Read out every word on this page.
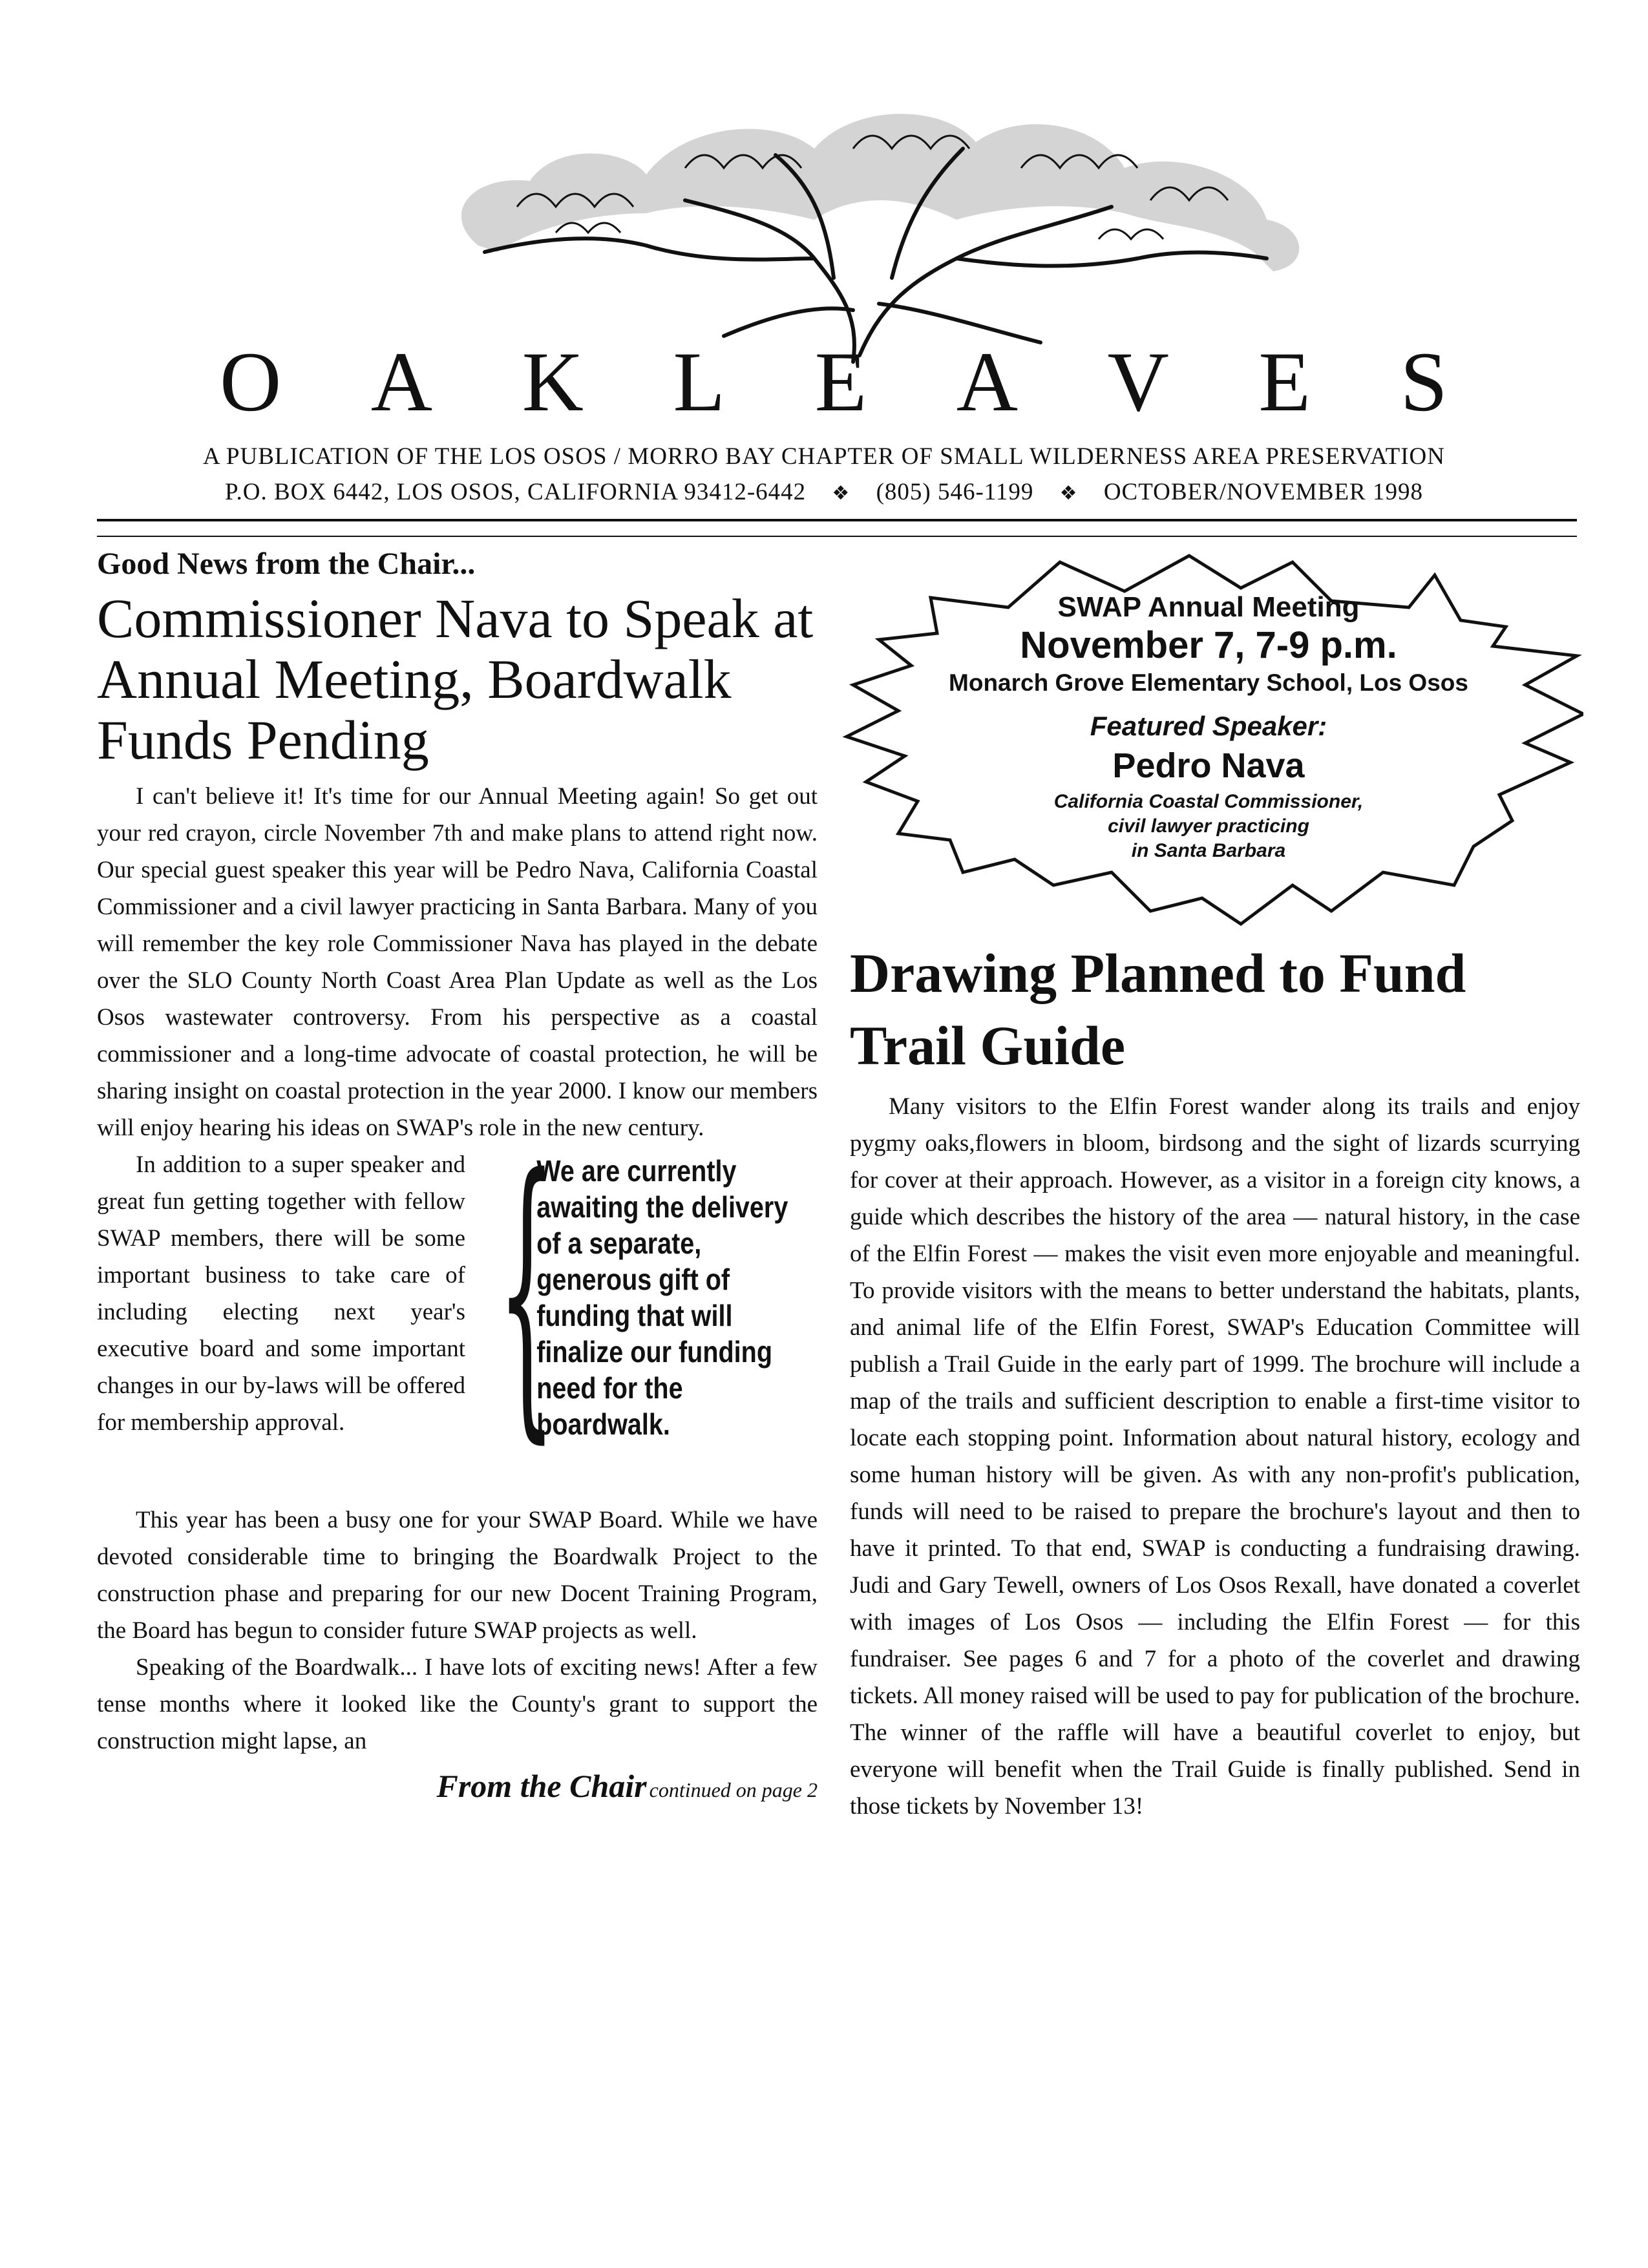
O A K L E A V E S
A PUBLICATION OF THE LOS OSOS / MORRO BAY CHAPTER OF SMALL WILDERNESS AREA PRESERVATION
P.O. BOX 6442, LOS OSOS, CALIFORNIA 93412-6442 ❖ (805) 546-1199 ❖ OCTOBER/NOVEMBER 1998
Good News from the Chair...
Commissioner Nava to Speak at Annual Meeting, Boardwalk Funds Pending

I can't believe it! It's time for our Annual Meeting again! So get out your red crayon, circle November 7th and make plans to attend right now. Our special guest speaker this year will be Pedro Nava, California Coastal Commissioner and a civil lawyer practicing in Santa Barbara. Many of you will remember the key role Commissioner Nava has played in the debate over the SLO County North Coast Area Plan Update as well as the Los Osos wastewater controversy. From his perspective as a coastal commissioner and a long-time advocate of coastal protection, he will be sharing insight on coastal protection in the year 2000. I know our members will enjoy hearing his ideas on SWAP's role in the new century.

In addition to a super speaker and great fun getting together with fellow SWAP members, there will be some important business to take care of including electing next year's executive board and some important changes in our by-laws will be offered for membership approval. {
We are currently awaiting the delivery of a separate, generous gift of funding that will finalize our funding need for the boardwalk.

This year has been a busy one for your SWAP Board. While we have devoted considerable time to bringing the Boardwalk Project to the construction phase and preparing for our new Docent Training Program, the Board has begun to consider future SWAP projects as well.

Speaking of the Boardwalk... I have lots of exciting news! After a few tense months where it looked like the County's grant to support the construction might lapse, an

From the Chair continued on page 2
SWAP Annual Meeting
November 7, 7-9 p.m.
Monarch Grove Elementary School, Los Osos
Featured Speaker:
Pedro Nava
California Coastal Commissioner,
civil lawyer practicing
in Santa Barbara
Drawing Planned to Fund Trail Guide

Many visitors to the Elfin Forest wander along its trails and enjoy pygmy oaks,flowers in bloom, birdsong and the sight of lizards scurrying for cover at their approach. However, as a visitor in a foreign city knows, a guide which describes the history of the area — natural history, in the case of the Elfin Forest — makes the visit even more enjoyable and meaningful. To provide visitors with the means to better understand the habitats, plants, and animal life of the Elfin Forest, SWAP's Education Committee will publish a Trail Guide in the early part of 1999. The brochure will include a map of the trails and sufficient description to enable a first-time visitor to locate each stopping point. Information about natural history, ecology and some human history will be given. As with any non-profit's publication, funds will need to be raised to prepare the brochure's layout and then to have it printed. To that end, SWAP is conducting a fundraising drawing. Judi and Gary Tewell, owners of Los Osos Rexall, have donated a coverlet with images of Los Osos — including the Elfin Forest — for this fundraiser. See pages 6 and 7 for a photo of the coverlet and drawing tickets. All money raised will be used to pay for publication of the brochure. The winner of the raffle will have a beautiful coverlet to enjoy, but everyone will benefit when the Trail Guide is finally published. Send in those tickets by November 13!
